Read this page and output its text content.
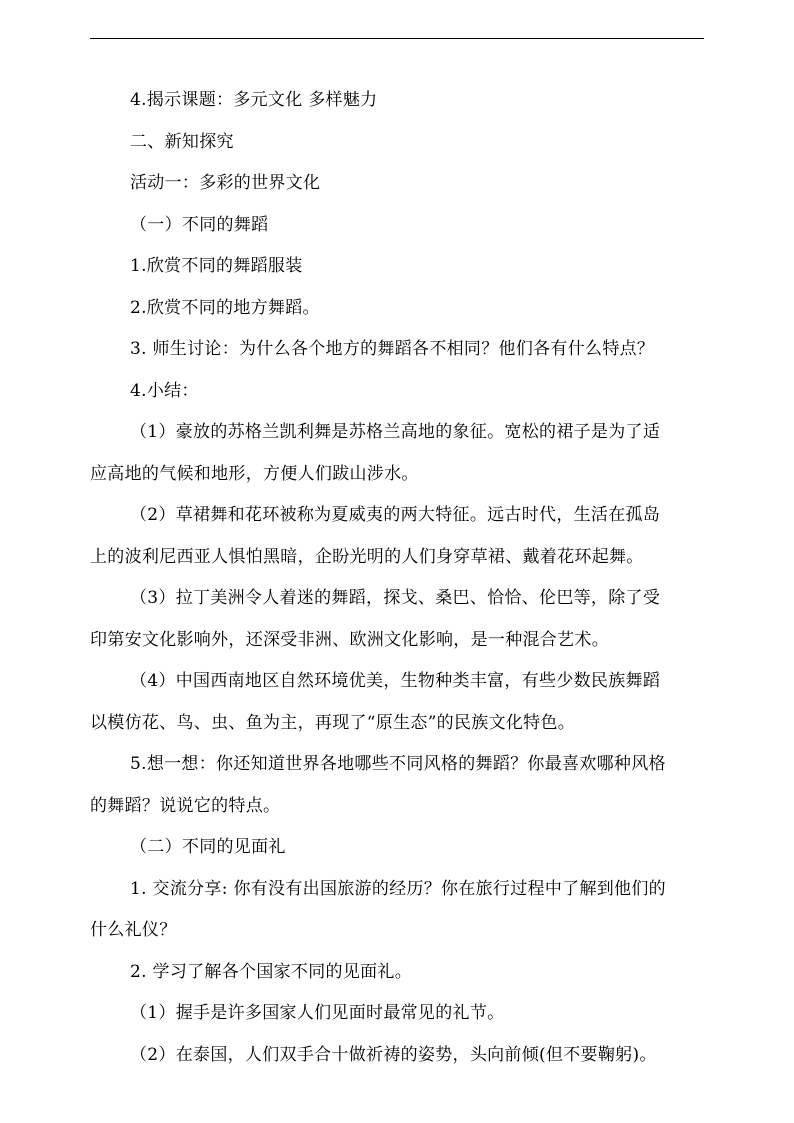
4.揭示课题：多元文化 多样魅力

二、新知探究

活动一：多彩的世界文化

（一）不同的舞蹈

1.欣赏不同的舞蹈服装

2.欣赏不同的地方舞蹈。

3. 师生讨论：为什么各个地方的舞蹈各不相同？他们各有什么特点？

4.小结：

（1）豪放的苏格兰凯利舞是苏格兰高地的象征。宽松的裙子是为了适

应高地的气候和地形，方便人们跋山涉水。

（2）草裙舞和花环被称为夏威夷的两大特征。远古时代，生活在孤岛

上的波利尼西亚人惧怕黑暗，企盼光明的人们身穿草裙、戴着花环起舞。

（3）拉丁美洲令人着迷的舞蹈，探戈、桑巴、恰恰、伦巴等，除了受

印第安文化影响外，还深受非洲、欧洲文化影响，是一种混合艺术。

（4）中国西南地区自然环境优美，生物种类丰富，有些少数民族舞蹈

以模仿花、鸟、虫、鱼为主，再现了“原生态”的民族文化特色。

5.想一想：你还知道世界各地哪些不同风格的舞蹈？你最喜欢哪种风格

的舞蹈？说说它的特点。

（二）不同的见面礼

1. 交流分享: 你有没有出国旅游的经历？你在旅行过程中了解到他们的

什么礼仪？

2. 学习了解各个国家不同的见面礼。

（1）握手是许多国家人们见面时最常见的礼节。

（2）在泰国，人们双手合十做祈祷的姿势，头向前倾(但不要鞠躬)。
